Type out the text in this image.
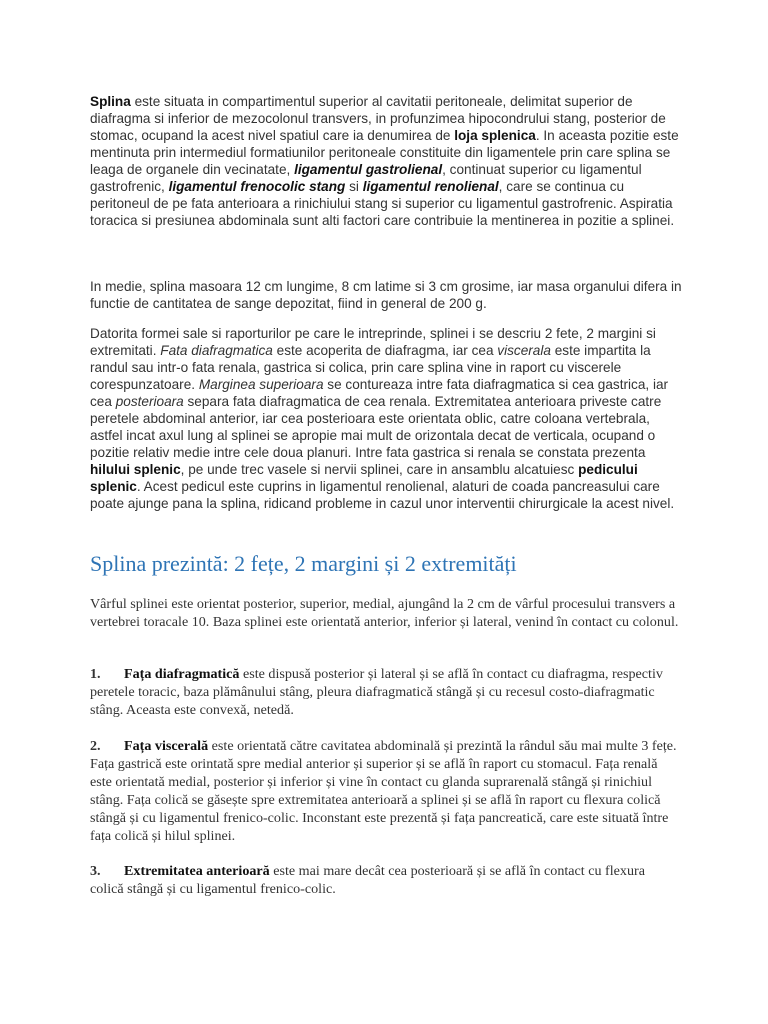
Splina este situata in compartimentul superior al cavitatii peritoneale, delimitat superior de diafragma si inferior de mezocolonul transvers, in profunzimea hipocondrului stang, posterior de stomac, ocupand la acest nivel spatiul care ia denumirea de loja splenica. In aceasta pozitie este mentinuta prin intermediul formatiunilor peritoneale constituite din ligamentele prin care splina se leaga de organele din vecinatate, ligamentul gastrolienal, continuat superior cu ligamentul gastrofrenic, ligamentul frenocolic stang si ligamentul renolienal, care se continua cu peritoneul de pe fata anterioara a rinichiului stang si superior cu ligamentul gastrofrenic. Aspiratia toracica si presiunea abdominala sunt alti factori care contribuie la mentinerea in pozitie a splinei.

In medie, splina masoara 12 cm lungime, 8 cm latime si 3 cm grosime, iar masa organului difera in functie de cantitatea de sange depozitat, fiind in general de 200 g.

Datorita formei sale si raporturilor pe care le intreprinde, splinei i se descriu 2 fete, 2 margini si extremitati. Fata diafragmatica este acoperita de diafragma, iar cea viscerala este impartita la randul sau intr-o fata renala, gastrica si colica, prin care splina vine in raport cu viscerele corespunzatoare. Marginea superioara se contureaza intre fata diafragmatica si cea gastrica, iar cea posterioara separa fata diafragmatica de cea renala. Extremitatea anterioara priveste catre peretele abdominal anterior, iar cea posterioara este orientata oblic, catre coloana vertebrala, astfel incat axul lung al splinei se apropie mai mult de orizontala decat de verticala, ocupand o pozitie relativ medie intre cele doua planuri. Intre fata gastrica si renala se constata prezenta hilului splenic, pe unde trec vasele si nervii splinei, care in ansamblu alcatuiesc pedicului splenic. Acest pedicul este cuprins in ligamentul renolienal, alaturi de coada pancreasului care poate ajunge pana la splina, ridicand probleme in cazul unor interventii chirurgicale la acest nivel.

Splina prezintă: 2 fețe, 2 margini și 2 extremități

Vârful splinei este orientat posterior, superior, medial, ajungând la 2 cm de vârful procesului transvers a vertebrei toracale 10. Baza splinei este orientată anterior, inferior și lateral, venind în contact cu colonul.

1. Fața diafragmatică este dispusă posterior și lateral și se află în contact cu diafragma, respectiv peretele toracic, baza plămânului stâng, pleura diafragmatică stângă și cu recesul costo-diafragmatic stâng. Aceasta este convexă, netedă.

2. Fața viscerală este orientată către cavitatea abdominală și prezintă la rândul său mai multe 3 fețe. Fața gastrică este orintată spre medial anterior și superior și se află în raport cu stomacul. Fața renală este orientată medial, posterior și inferior și vine în contact cu glanda suprarenală stângă și rinichiul stâng. Fața colică se găsește spre extremitatea anterioară a splinei și se află în raport cu flexura colică stângă și cu ligamentul frenico-colic. Inconstant este prezentă și fața pancreatică, care este situată între fața colică și hilul splinei.

3. Extremitatea anterioară este mai mare decât cea posterioară și se află în contact cu flexura colică stângă și cu ligamentul frenico-colic.
